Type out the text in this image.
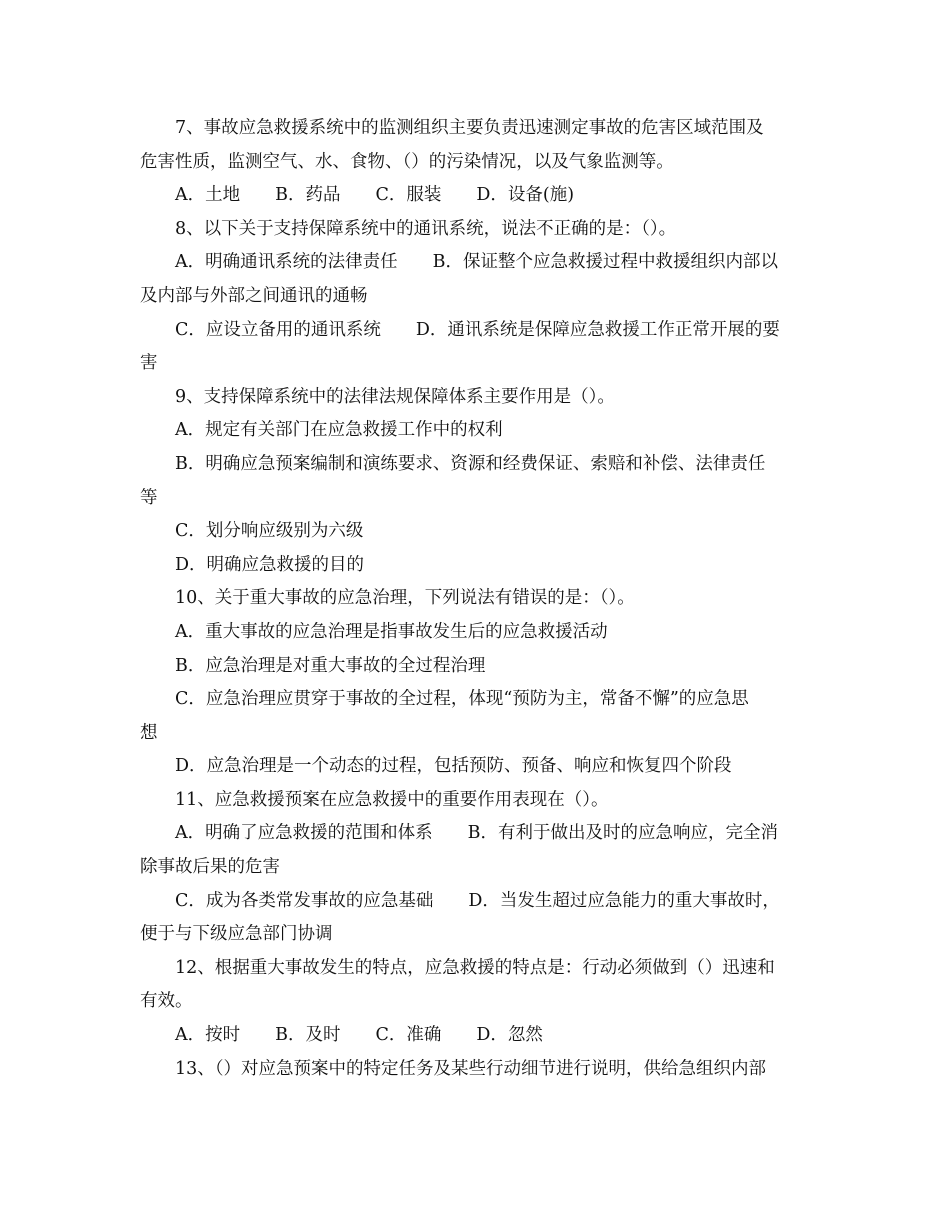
7、事故应急救援系统中的监测组织主要负责迅速测定事故的危害区域范围及
危害性质，监测空气、水、食物、（）的污染情况，以及气象监测等。
A．土地　　B．药品　　C．服装　　D．设备(施)
8、以下关于支持保障系统中的通讯系统，说法不正确的是：（）。
A．明确通讯系统的法律责任　　B．保证整个应急救援过程中救援组织内部以
及内部与外部之间通讯的通畅
C．应设立备用的通讯系统　　D．通讯系统是保障应急救援工作正常开展的要
害
9、支持保障系统中的法律法规保障体系主要作用是（）。
A．规定有关部门在应急救援工作中的权利
B．明确应急预案编制和演练要求、资源和经费保证、索赔和补偿、法律责任
等
C．划分响应级别为六级
D．明确应急救援的目的
10、关于重大事故的应急治理，下列说法有错误的是：（）。
A．重大事故的应急治理是指事故发生后的应急救援活动
B．应急治理是对重大事故的全过程治理
C．应急治理应贯穿于事故的全过程，体现“预防为主，常备不懈”的应急思
想
D．应急治理是一个动态的过程，包括预防、预备、响应和恢复四个阶段
11、应急救援预案在应急救援中的重要作用表现在（）。
A．明确了应急救援的范围和体系　　B．有利于做出及时的应急响应，完全消
除事故后果的危害
C．成为各类常发事故的应急基础　　D．当发生超过应急能力的重大事故时，
便于与下级应急部门协调
12、根据重大事故发生的特点，应急救援的特点是：行动必须做到（）迅速和
有效。
A．按时　　B．及时　　C．准确　　D．忽然
13、（）对应急预案中的特定任务及某些行动细节进行说明，供给急组织内部
